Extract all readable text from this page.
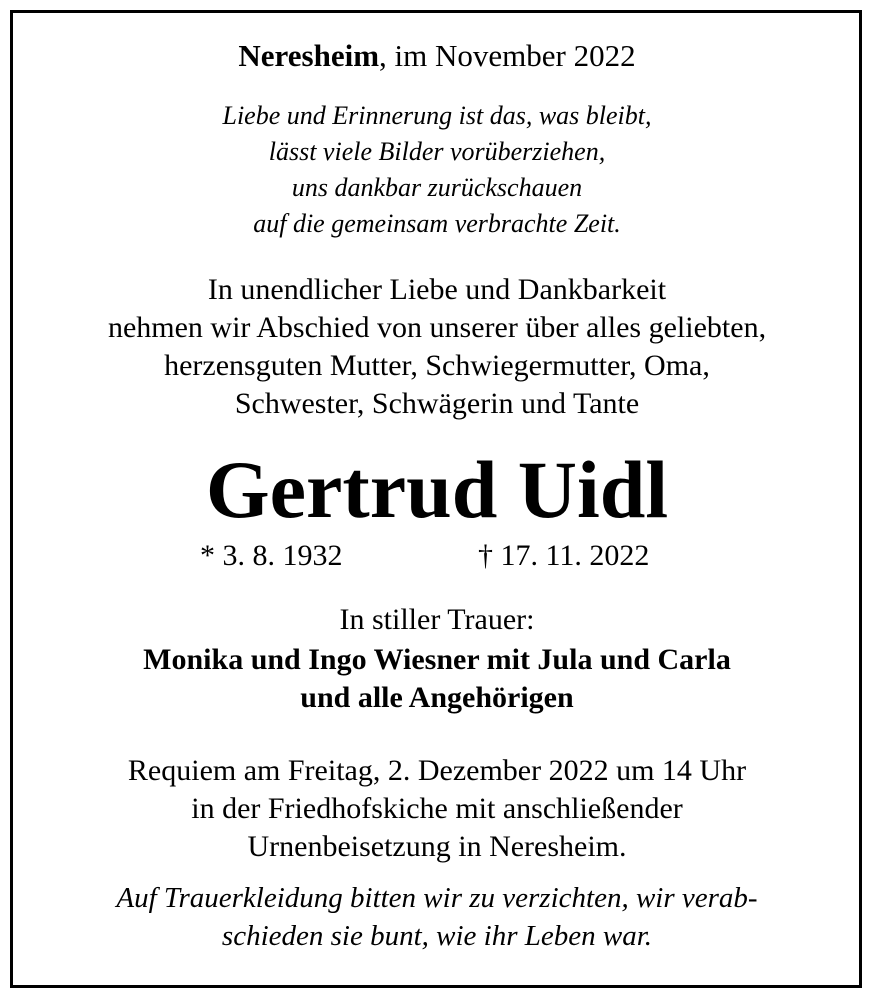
Neresheim, im November 2022
Liebe und Erinnerung ist das, was bleibt,
lässt viele Bilder vorüberziehen,
uns dankbar zurückschauen
auf die gemeinsam verbrachte Zeit.
In unendlicher Liebe und Dankbarkeit
nehmen wir Abschied von unserer über alles geliebten,
herzensguten Mutter, Schwiegermutter, Oma,
Schwester, Schwägerin und Tante
Gertrud Uidl
* 3. 8. 1932	† 17. 11. 2022
In stiller Trauer:
Monika und Ingo Wiesner mit Jula und Carla
und alle Angehörigen
Requiem am Freitag, 2. Dezember 2022 um 14 Uhr
in der Friedhofskiche mit anschließender
Urnenbeisetzung in Neresheim.
Auf Trauerkleidung bitten wir zu verzichten, wir verab-
schieden sie bunt, wie ihr Leben war.
